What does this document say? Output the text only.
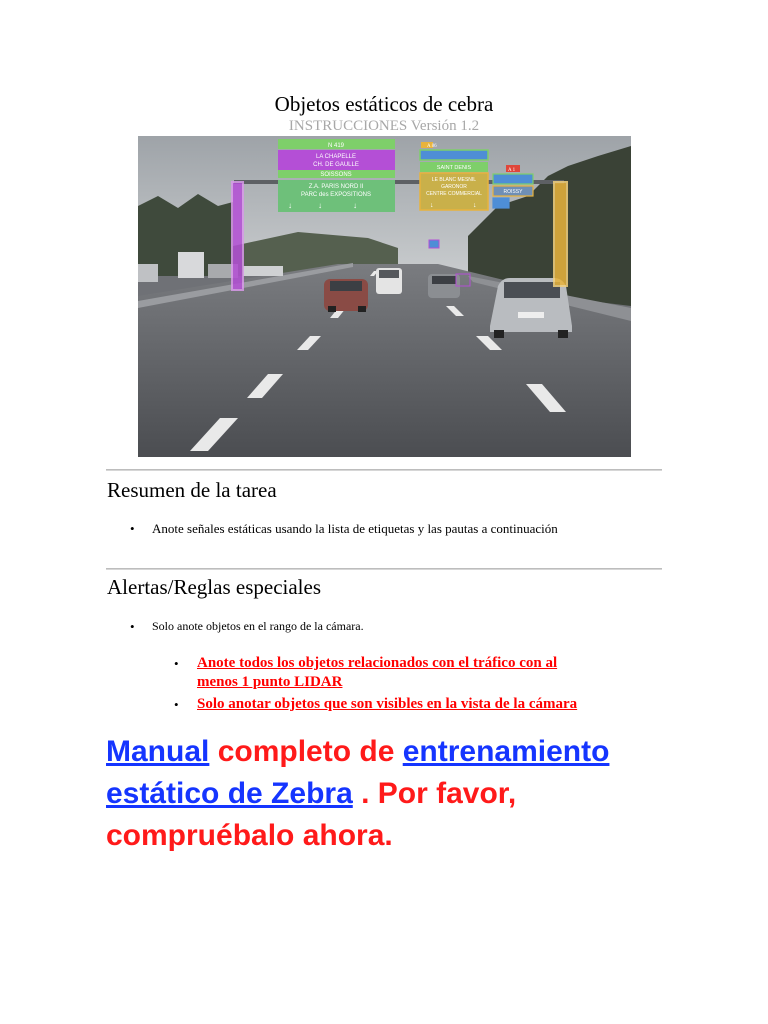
Objetos estáticos de cebra
INSTRUCCIONES Versión 1.2
N 419
LA CHAPELLE
CH. DE GAULLE
SOISSONS
Z.A. PARIS NORD II
PARC des EXPOSITIONS
↓	↓	↓
A 86
SAINT DENIS
LE BLANC MESNIL
GARONOR
CENTRE COMMERCIAL
↓	↓
A 1
ROISSY
Resumen de la tarea
•	Anote señales estáticas usando la lista de etiquetas y las pautas a continuación
Alertas/Reglas especiales
•	Solo anote objetos en el rango de la cámara.
•	Anote todos los objetos relacionados con el tráfico con al
menos 1 punto LIDAR
•	Solo anotar objetos que son visibles en la vista de la cámara
Manual completo de entrenamiento
estático de Zebra . Por favor,
compruébalo ahora.
